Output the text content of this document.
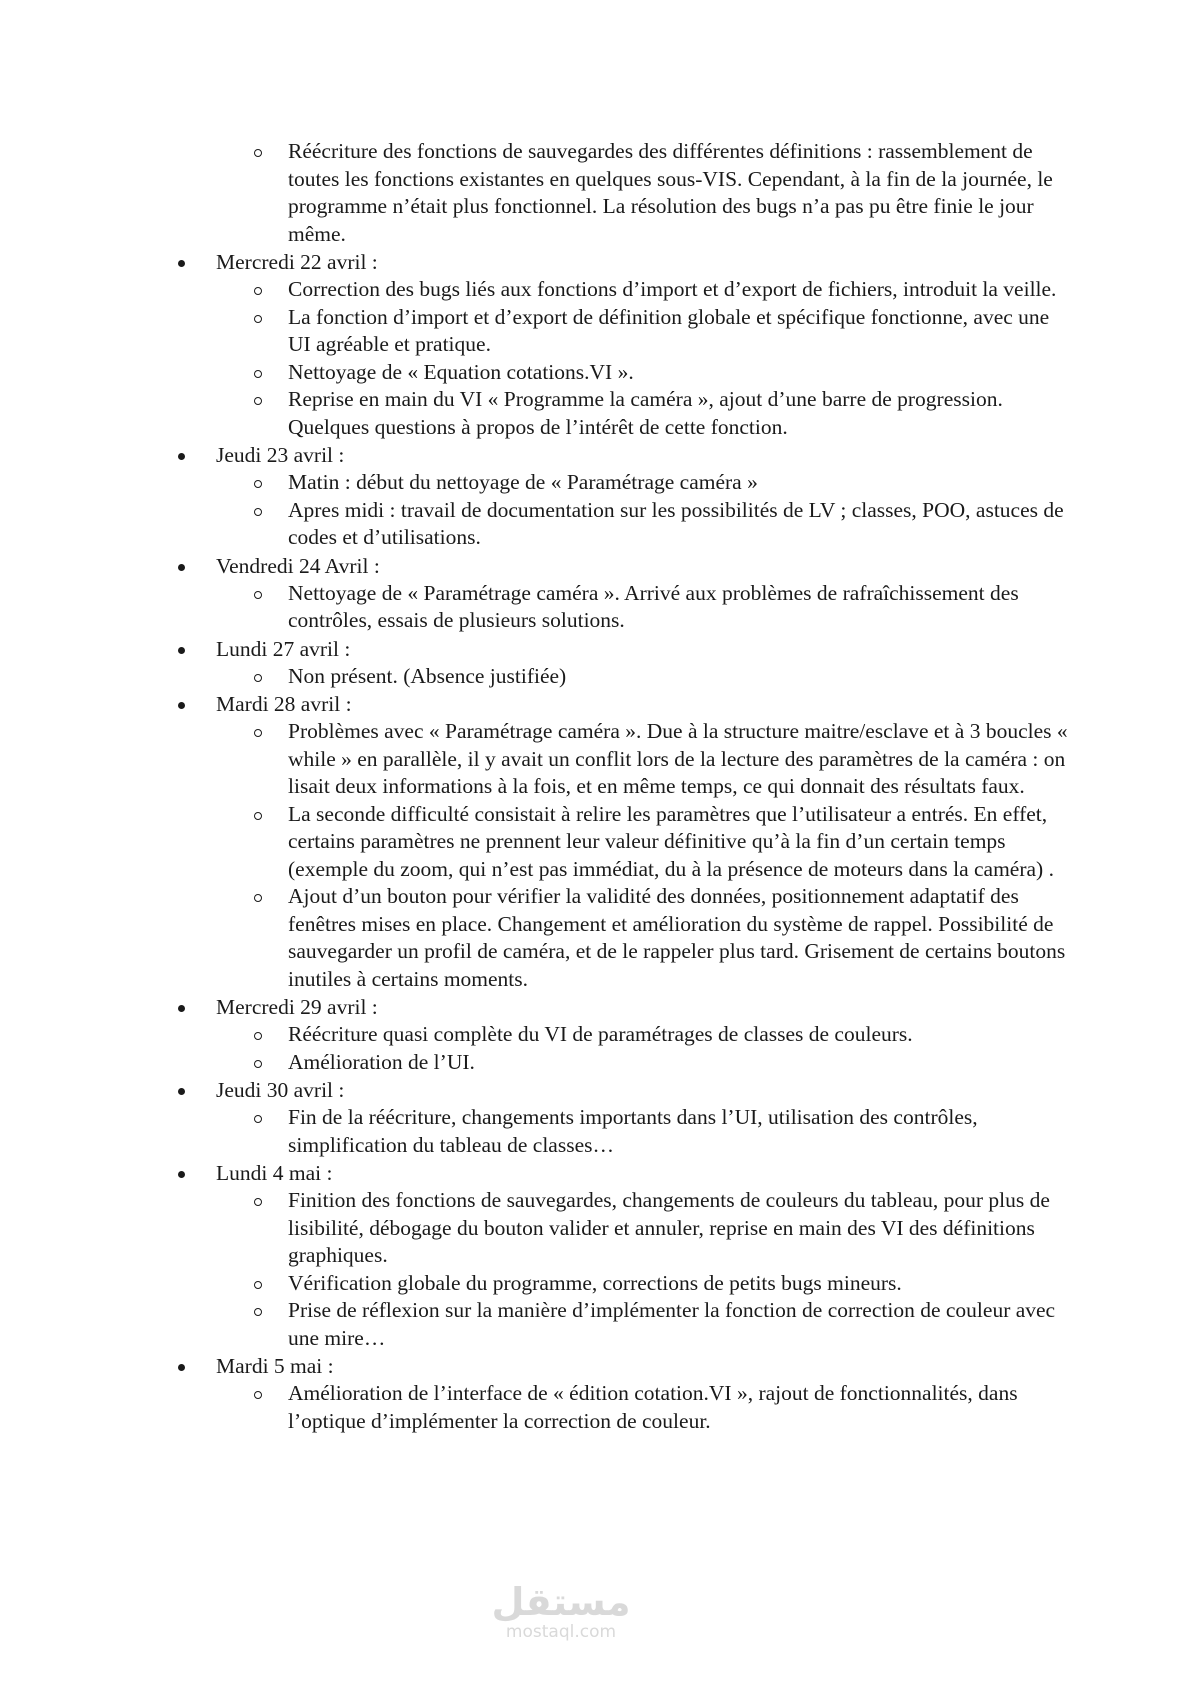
Réécriture des fonctions de sauvegardes des différentes définitions : rassemblement de toutes les fonctions existantes en quelques sous-VIS. Cependant, à la fin de la journée, le programme n’était plus fonctionnel. La résolution des bugs n’a pas pu être finie le jour même.

Mercredi 22 avril :

Correction des bugs liés aux fonctions d’import et d’export de fichiers, introduit la veille.

La fonction d’import et d’export de définition globale et spécifique fonctionne, avec une UI agréable et pratique.

Nettoyage de « Equation cotations.VI ».

Reprise en main du VI « Programme la caméra », ajout d’une barre de progression. Quelques questions à propos de l’intérêt de cette fonction.

Jeudi 23 avril :

Matin : début du nettoyage de « Paramétrage caméra »

Apres midi : travail de documentation sur les possibilités de LV ; classes, POO, astuces de codes et d’utilisations.

Vendredi 24 Avril :

Nettoyage de « Paramétrage caméra ». Arrivé aux problèmes de rafraîchissement des contrôles, essais de plusieurs solutions.

Lundi 27 avril :

Non présent. (Absence justifiée)

Mardi 28 avril :

Problèmes avec « Paramétrage caméra ». Due à la structure maitre/esclave et à 3 boucles « while » en parallèle, il y avait un conflit lors de la lecture des paramètres de la caméra : on lisait deux informations à la fois, et en même temps, ce qui donnait des résultats faux.

La seconde difficulté consistait à relire les paramètres que l’utilisateur a entrés. En effet, certains paramètres ne prennent leur valeur définitive qu’à la fin d’un certain temps (exemple du zoom, qui n’est pas immédiat, du à la présence de moteurs dans la caméra) .

Ajout d’un bouton pour vérifier la validité des données, positionnement adaptatif des fenêtres mises en place. Changement et amélioration du système de rappel. Possibilité de sauvegarder un profil de caméra, et de le rappeler plus tard. Grisement de certains boutons inutiles à certains moments.

Mercredi 29 avril :

Réécriture quasi complète du VI de paramétrages de classes de couleurs.

Amélioration de l’UI.

Jeudi 30 avril :

Fin de la réécriture, changements importants dans l’UI, utilisation des contrôles, simplification du tableau de classes…

Lundi 4 mai :

Finition des fonctions de sauvegardes, changements de couleurs du tableau, pour plus de lisibilité, débogage du bouton valider et annuler, reprise en main des VI des définitions graphiques.

Vérification globale du programme, corrections de petits bugs mineurs.

Prise de réflexion sur la manière d’implémenter la fonction de correction de couleur avec une mire…

Mardi 5 mai :

Amélioration de l’interface de « édition cotation.VI », rajout de fonctionnalités, dans l’optique d’implémenter la correction de couleur.

مستقل
mostaql.com
